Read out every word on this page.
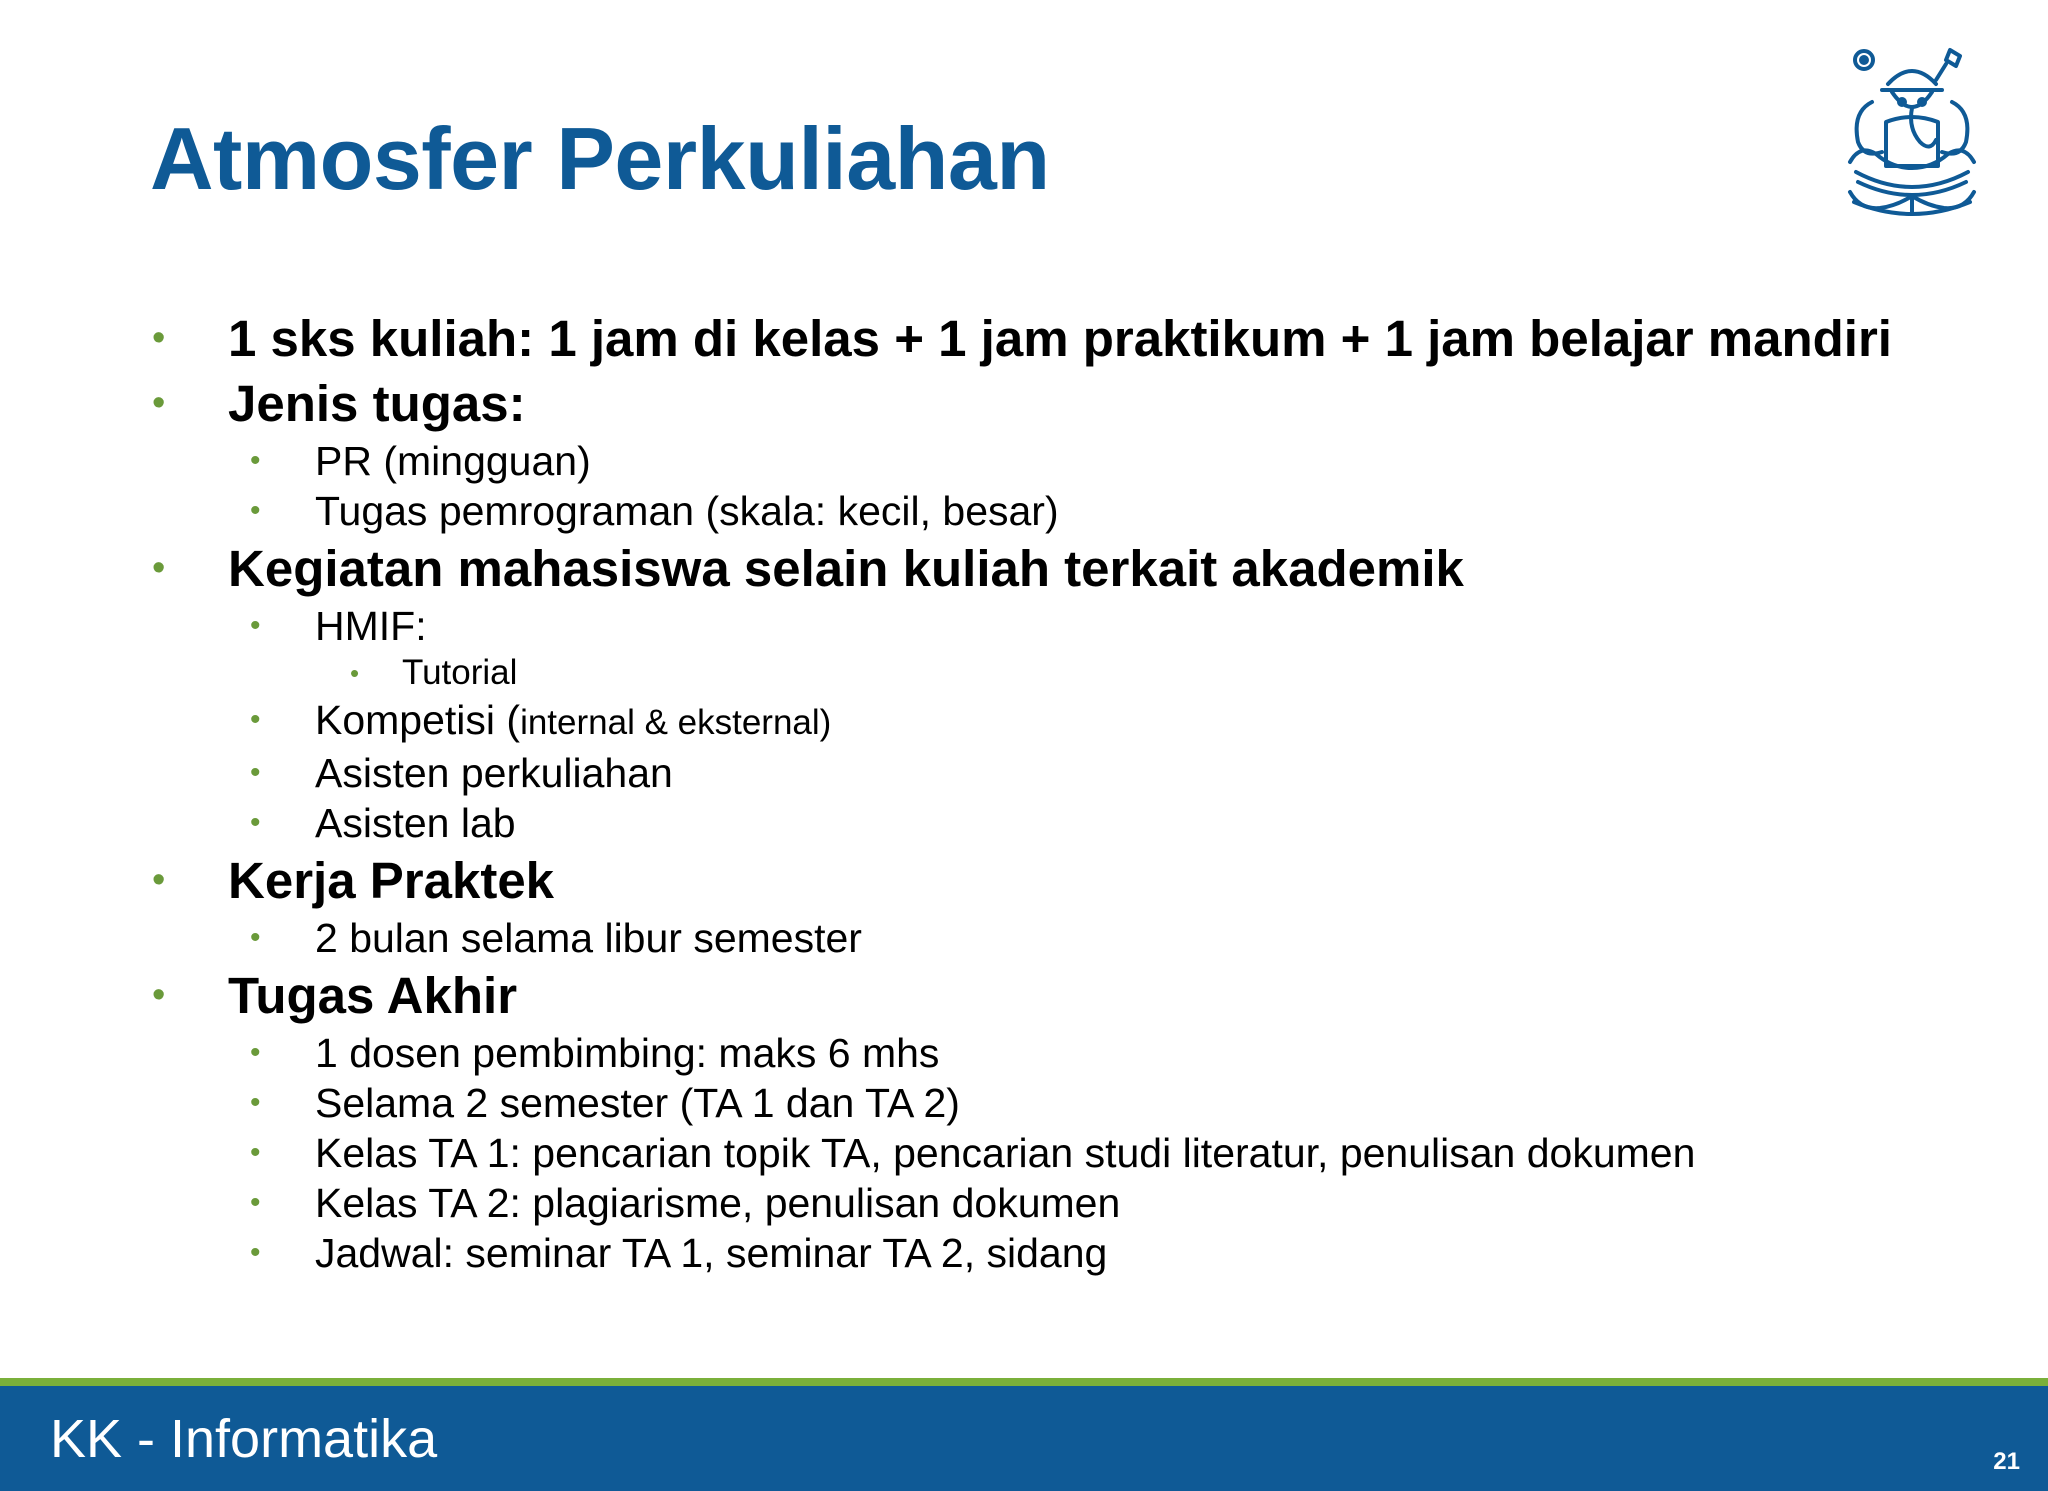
Atmosfer Perkuliahan
• 1 sks kuliah: 1 jam di kelas + 1 jam praktikum + 1 jam belajar mandiri
• Jenis tugas:
• PR (mingguan)
• Tugas pemrograman (skala: kecil, besar)
• Kegiatan mahasiswa selain kuliah terkait akademik
• HMIF:
• Tutorial
• Kompetisi (internal & eksternal)
• Asisten perkuliahan
• Asisten lab
• Kerja Praktek
• 2 bulan selama libur semester
• Tugas Akhir
• 1 dosen pembimbing: maks 6 mhs
• Selama 2 semester (TA 1 dan TA 2)
• Kelas TA 1: pencarian topik TA, pencarian studi literatur, penulisan dokumen
• Kelas TA 2: plagiarisme, penulisan dokumen
• Jadwal: seminar TA 1, seminar TA 2, sidang
KK - Informatika	21
